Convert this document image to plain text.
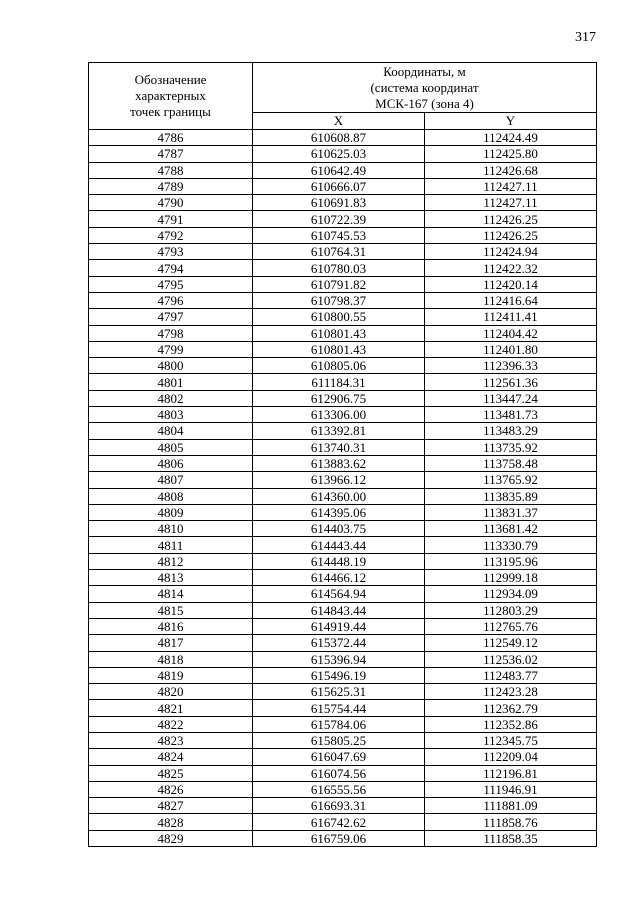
317
Обозначение
характерных
точек границы	Координаты, м
(система координат
МСК-167 (зона 4)	

	X	Y
4786	610608.87	112424.49
4787	610625.03	112425.80
4788	610642.49	112426.68
4789	610666.07	112427.11
4790	610691.83	112427.11
4791	610722.39	112426.25
4792	610745.53	112426.25
4793	610764.31	112424.94
4794	610780.03	112422.32
4795	610791.82	112420.14
4796	610798.37	112416.64
4797	610800.55	112411.41
4798	610801.43	112404.42
4799	610801.43	112401.80
4800	610805.06	112396.33
4801	611184.31	112561.36
4802	612906.75	113447.24
4803	613306.00	113481.73
4804	613392.81	113483.29
4805	613740.31	113735.92
4806	613883.62	113758.48
4807	613966.12	113765.92
4808	614360.00	113835.89
4809	614395.06	113831.37
4810	614403.75	113681.42
4811	614443.44	113330.79
4812	614448.19	113195.96
4813	614466.12	112999.18
4814	614564.94	112934.09
4815	614843.44	112803.29
4816	614919.44	112765.76
4817	615372.44	112549.12
4818	615396.94	112536.02
4819	615496.19	112483.77
4820	615625.31	112423.28
4821	615754.44	112362.79
4822	615784.06	112352.86
4823	615805.25	112345.75
4824	616047.69	112209.04
4825	616074.56	112196.81
4826	616555.56	111946.91
4827	616693.31	111881.09
4828	616742.62	111858.76
4829	616759.06	111858.35
